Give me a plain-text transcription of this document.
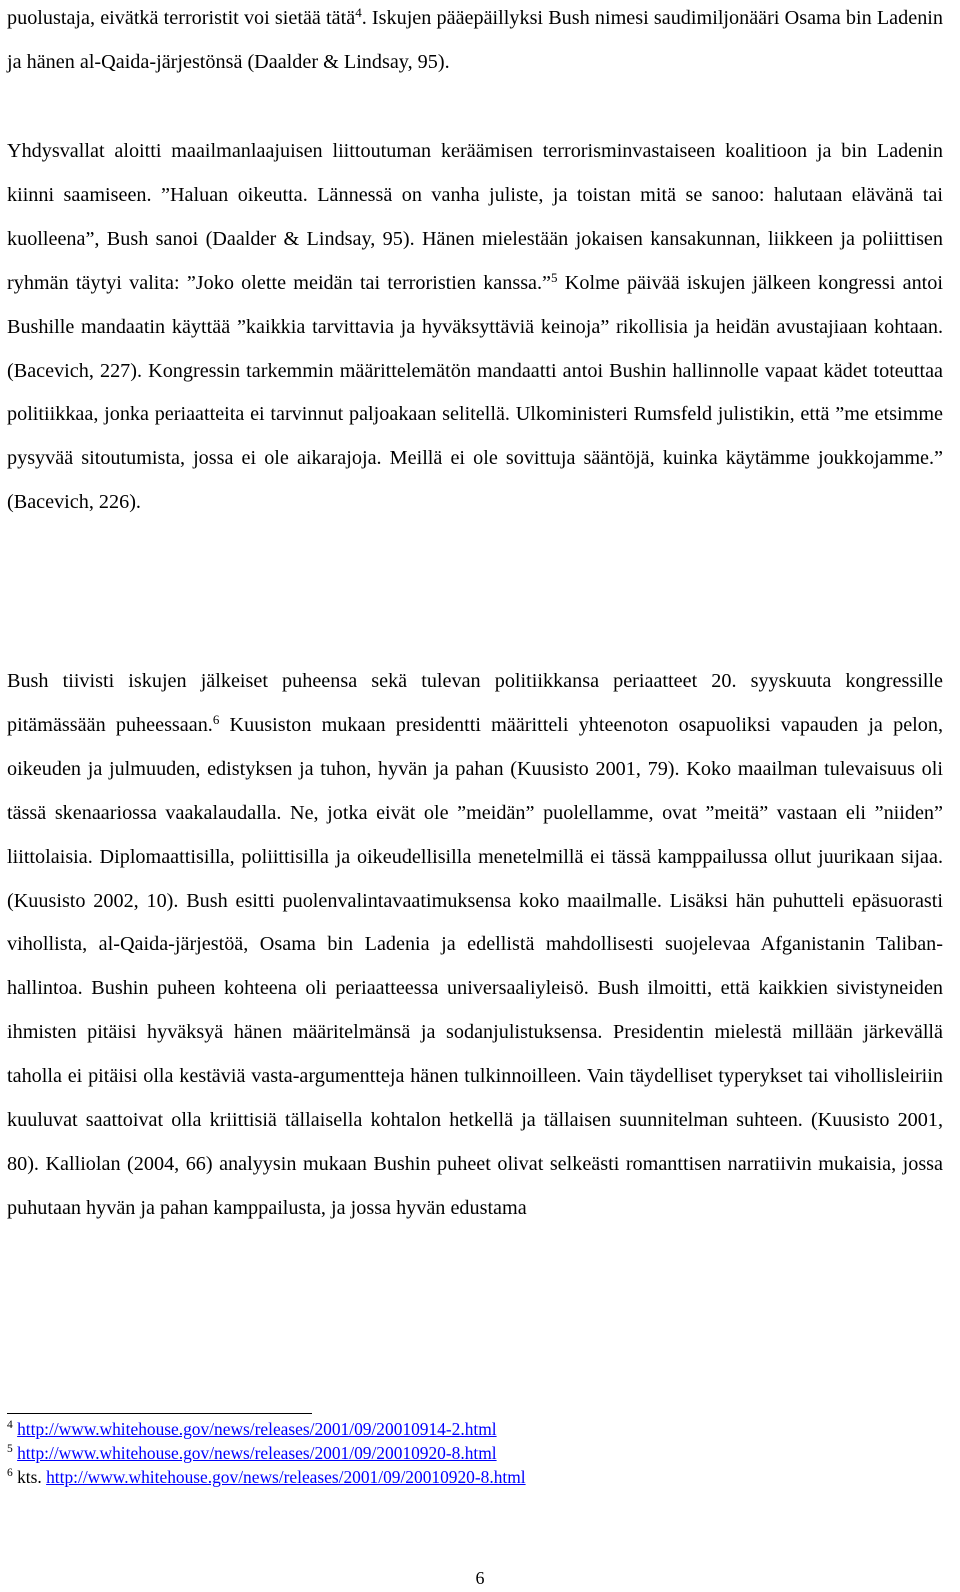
puolustaja, eivätkä terroristit voi sietää tätä$^4$. Iskujen pääepäillyksi Bush nimesi saudimiljonääri Osama bin Ladenin ja hänen al-Qaida-järjestönsä (Daalder & Lindsay, 95).

Yhdysvallat aloitti maailmanlaajuisen liittoutuman keräämisen terrorisminvastaiseen koalitioon ja bin Ladenin kiinni saamiseen. ”Haluan oikeutta. Lännessä on vanha juliste, ja toistan mitä se sanoo: halutaan elävänä tai kuolleena”, Bush sanoi (Daalder & Lindsay, 95). Hänen mielestään jokaisen kansakunnan, liikkeen ja poliittisen ryhmän täytyi valita: ”Joko olette meidän tai terroristien kanssa.”$^5$ Kolme päivää iskujen jälkeen kongressi antoi Bushille mandaatin käyttää ”kaikkia tarvittavia ja hyväksyttäviä keinoja” rikollisia ja heidän avustajiaan kohtaan. (Bacevich, 227). Kongressin tarkemmin määrittelemätön mandaatti antoi Bushin hallinnolle vapaat kädet toteuttaa politiikkaa, jonka periaatteita ei tarvinnut paljoakaan selitellä. Ulkoministeri Rumsfeld julistikin, että ”me etsimme pysyvää sitoutumista, jossa ei ole aikarajoja. Meillä ei ole sovittuja sääntöjä, kuinka käytämme joukkojamme.” (Bacevich, 226).

Bush tiivisti iskujen jälkeiset puheensa sekä tulevan politiikkansa periaatteet 20. syyskuuta kongressille pitämässään puheessaan.$^6$ Kuusiston mukaan presidentti määritteli yhteenoton osapuoliksi vapauden ja pelon, oikeuden ja julmuuden, edistyksen ja tuhon, hyvän ja pahan (Kuusisto 2001, 79). Koko maailman tulevaisuus oli tässä skenaariossa vaakalaudalla. Ne, jotka eivät ole ”meidän” puolellamme, ovat ”meitä” vastaan eli ”niiden” liittolaisia. Diplomaattisilla, poliittisilla ja oikeudellisilla menetelmillä ei tässä kamppailussa ollut juurikaan sijaa. (Kuusisto 2002, 10). Bush esitti puolenvalintavaatimuksensa koko maailmalle. Lisäksi hän puhutteli epäsuorasti vihollista, al-Qaida-järjestöä, Osama bin Ladenia ja edellistä mahdollisesti suojelevaa Afganistanin Taliban-hallintoa. Bushin puheen kohteena oli periaatteessa universaaliyleisö. Bush ilmoitti, että kaikkien sivistyneiden ihmisten pitäisi hyväksyä hänen määritelmänsä ja sodanjulistuksensa. Presidentin mielestä millään järkevällä taholla ei pitäisi olla kestäviä vasta-argumentteja hänen tulkinnoilleen. Vain täydelliset typerykset tai vihollisleiriin kuuluvat saattoivat olla kriittisiä tällaisella kohtalon hetkellä ja tällaisen suunnitelman suhteen. (Kuusisto 2001, 80). Kalliolan (2004, 66) analyysin mukaan Bushin puheet olivat selkeästi romanttisen narratiivin mukaisia, jossa puhutaan hyvän ja pahan kamppailusta, ja jossa hyvän edustama

$^4$ http://www.whitehouse.gov/news/releases/2001/09/20010914-2.html

$^5$ http://www.whitehouse.gov/news/releases/2001/09/20010920-8.html

$^6$ kts. http://www.whitehouse.gov/news/releases/2001/09/20010920-8.html

6
